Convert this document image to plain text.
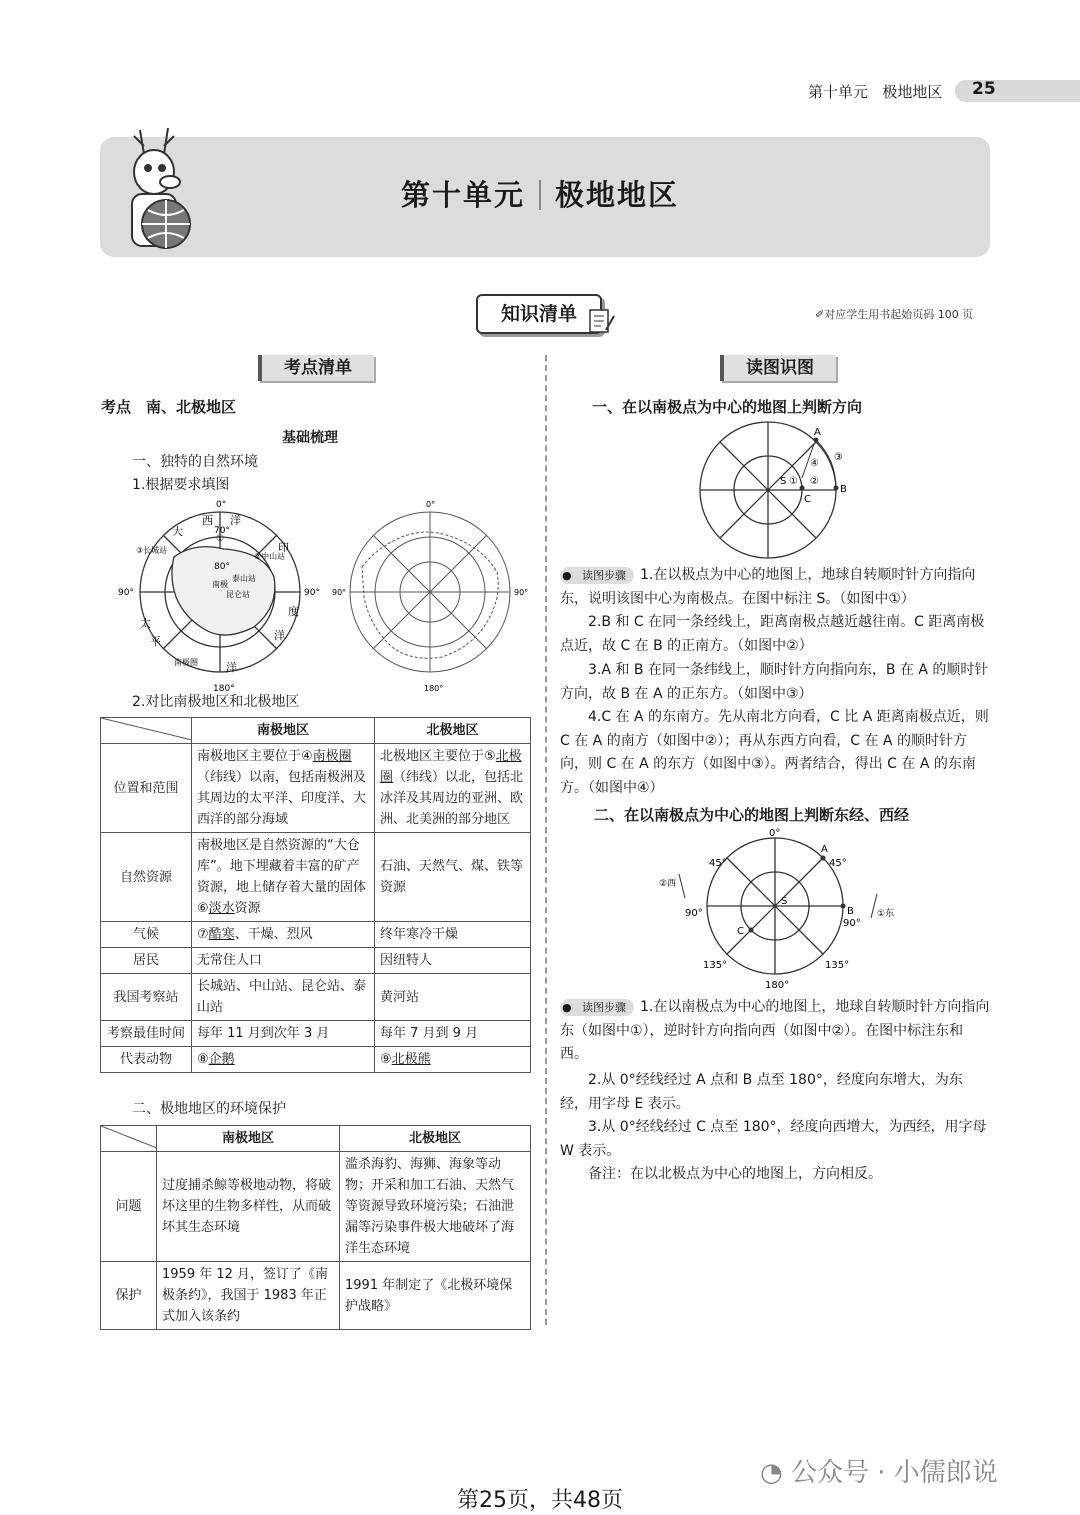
第十单元 极地地区 25
第十单元 极地地区
知识清单	✐对应学生用书起始页码 100 页
考点清单
考点　南、北极地区
基础梳理
一、独特的自然环境
1.根据要求填图
0°
180°
90°	90°
70°
80°
大
西 洋
印
度
太
平
洋
洋
③长城站
②中山站
泰山站
南极
昆仑站
南极圈
①
0°
180°
90°	90°
2.对比南极地区和北极地区
	南极地区	北极地区
位置和范围	南极地区主要位于④南极圈（纬线）以南，包括南极洲及其周边的太平洋、印度洋、大西洋的部分海域	北极地区主要位于⑤北极圈（纬线）以北，包括北冰洋及其周边的亚洲、欧洲、北美洲的部分地区
自然资源	南极地区是自然资源的“大仓库”。地下埋藏着丰富的矿产资源，地上储存着大量的固体⑥淡水资源	石油、天然气、煤、铁等资源
气候	⑦酷寒、干燥、烈风	终年寒冷干燥
居民	无常住人口	因纽特人
我国考察站	长城站、中山站、昆仑站、泰山站	黄河站
考察最佳时间	每年 11 月到次年 3 月	每年 7 月到 9 月
代表动物	⑧企鹅	⑨北极熊
二、极地地区的环境保护
	南极地区	北极地区
问题	过度捕杀鲸等极地动物，将破坏这里的生物多样性，从而破坏其生态环境	滥杀海豹、海狮、海象等动物；开采和加工石油、天然气等资源导致环境污染；石油泄漏等污染事件极大地破坏了海洋生态环境
保护	1959 年 12 月，签订了《南极条约》，我国于 1983 年正式加入该条约	1991 年制定了《北极环境保护战略》
读图识图
一、在以南极点为中心的地图上判断方向
A
B
C
S ① ②
③
④
● 读图步骤 1.在以极点为中心的地图上，地球自转顺时针方向指向东，说明该图中心为南极点。在图中标注 S。（如图中①）
2.B 和 C 在同一条经线上，距离南极点越近越往南。C 距离南极点近，故 C 在 B 的正南方。（如图中②）
3.A 和 B 在同一条纬线上，顺时针方向指向东，B 在 A 的顺时针方向，故 B 在 A 的正东方。（如图中③）
4.C 在 A 的东南方。先从南北方向看，C 比 A 距离南极点近，则 C 在 A 的南方（如图中②）；再从东西方向看，C 在 A 的顺时针方向，则 C 在 A 的东方（如图中③）。两者结合，得出 C 在 A 的东南方。（如图中④）
二、在以南极点为中心的地图上判断东经、西经
0°
180°
45°	45°
90°
90°
135°	135°
A
B
C
S
②西
①东
● 读图步骤 1.在以南极点为中心的地图上，地球自转顺时针方向指向东（如图中①），逆时针方向指向西（如图中②）。在图中标注东和西。
2.从 0°经线经过 A 点和 B 点至 180°，经度向东增大，为东经，用字母 E 表示。
3.从 0°经线经过 C 点至 180°，经度向西增大，为西经，用字母 W 表示。
备注：在以北极点为中心的地图上，方向相反。
◔ 公众号 · 小儒郎说
第25页，共48页
